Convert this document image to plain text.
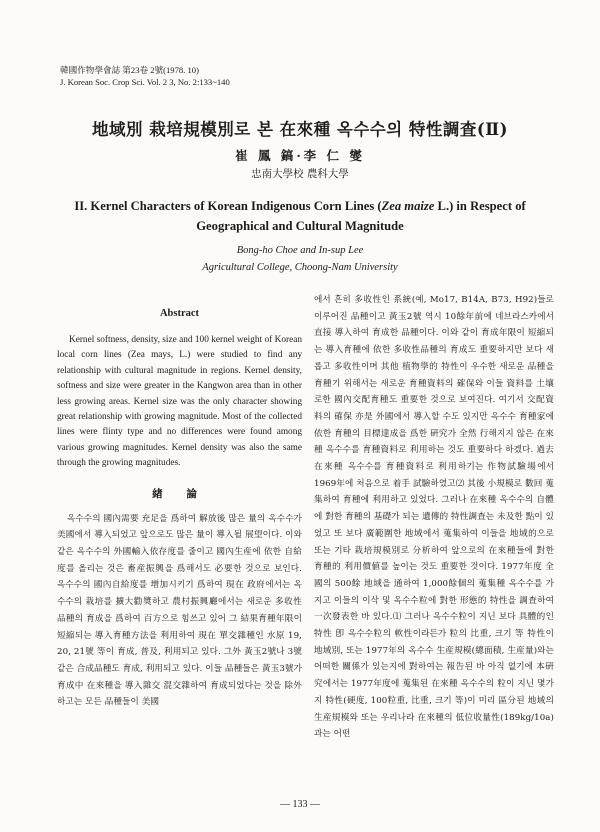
韓國作物學會誌 第23卷 2號(1978. 10)
J. Korean Soc. Crop Sci. Vol. 2 3, No. 2:133~140
地域別 栽培規模別로 본 在來種 옥수수의 特性調査(Ⅱ)
崔 鳳 鎬·李 仁 燮
忠南大學校 農科大學
II. Kernel Characters of Korean Indigenous Corn Lines (Zea maize L.) in Respect of Geographical and Cultural Magnitude
Bong-ho Choe and In-sup Lee
Agricultural College, Choong-Nam University
Abstract

Kernel softness, density, size and 100 kernel weight of Korean local corn lines (Zea mays, L.) were studied to find any relationship with cultural magnitude in regions. Kernel density, softness and size were greater in the Kangwon area than in other less growing areas. Kernel size was the only character showing great relationship with growing magnitude. Most of the collected lines were flinty type and no differences were found among various growing magnitudes. Kernel density was also the same through the growing magnitudes.

緖 論

옥수수의 國內需要 充足을 爲하여 解放後 많은 量의 옥수수가 美國에서 導入되었고 앞으로도 많은 量이 導入될 展望이다. 이와 같은 옥수수의 外國輸入依存度를 줄이고 國內生産에 依한 自給度를 올리는 것은 畜産振興을 爲해서도 必要한 것으로 보인다. 옥수수의 國內自給度를 增加시키기 爲하여 現在 政府에서는 옥수수의 栽培를 擴大勸奬하고 農村振興廳에서는 새로운 多收性品種의 育成을 爲하여 百方으로 힘쓰고 있어 그 結果育種年限이 短縮되는 導入育種方法을 利用하여 現在 單交雜種인 水原 19, 20, 21號 等이 育成, 普及, 利用되고 있다. 그外 黃玉2號나 3號같은 合成品種도 育成, 利用되고 있다. 이들 品種들은 黃玉3號가 育成中 在來種을 導入雜交 混交雜하여 育成되었다는 것을 除外하고는 모든 品種들이 美國

에서 흔히 多收性인 系統(예, Mo17, B14A, B73, H92)들로 이루어진 品種이고 黃玉2號 역시 10餘年前에 네브라스카에서 直接 導入하여 育成한 品種이다. 이와 같이 育成年限이 短縮되는 導入育種에 依한 多收性品種의 育成도 重要하지만 보다 새롭고 多收性이며 其他 植物學的 特性이 우수한 새로운 品種을 育種기 위해서는 새로운 育種資料의 確保와 이들 資料를 土壤로한 國內交配育種도 重要한 것으로 보여진다. 여기서 交配資料의 確保 亦是 外國에서 導入할 수도 있지만 옥수수 育種家에 依한 育種의 目標達成을 爲한 硏究가 全然 行해지지 않은 在來種 옥수수를 育種資料로 利用하는 것도 重要하다 하겠다. 過去 在來種 옥수수를 育種資料로 利用하기는 作物試驗場에서 1969年에 처음으로 着手 試驗하였고⑵ 其後 小規模로 數回 蒐集하여 育種에 利用하고 있었다. 그러나 在來種 옥수수의 自體에 對한 育種의 基礎가 되는 遺傳的 特性調査는 未及한 點이 있었고 또 보다 廣範圍한 地域에서 蒐集하여 이들을 地域的으로 또는 기타 栽培規模別로 分析하여 앞으로의 在來種들에 對한 育種的 利用價値를 높이는 것도 重要한 것이다. 1977年度 全國의 500餘 地域을 通하여 1,000餘個의 蒐集種 옥수수를 가지고 이들의 이삭 및 옥수수粒에 對한 形態的 特性을 調査하여 一次發表한 바 있다.⑴ 그러나 옥수수粒이 지닌 보다 具體的인 特性 卽 옥수수粒의 軟性이라든가 粒의 比重, 크기 等 特性이 地域別, 또는 1977年의 옥수수 生産規模(總面積, 生産量)와는 어떠한 關係가 있는지에 對하여는 報告된 바 아직 없기에 本硏究에서는 1977年度에 蒐集된 在來種 옥수수의 粒이 지닌 몇가지 特性(硬度, 100粒重, 比重, 크기 等)이 미리 區分된 地域의 生産規模와 또는 우리나라 在來種의 低位收量性(189kg/10a)과는 어떤

— 133 —
